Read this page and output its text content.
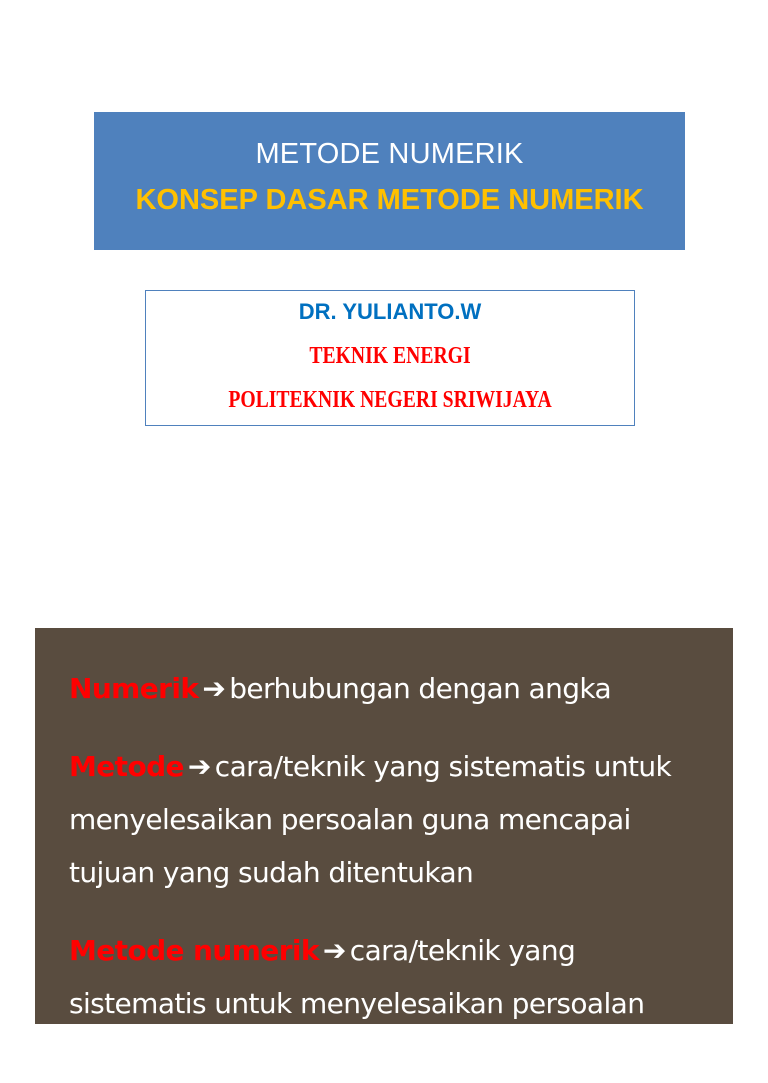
METODE NUMERIK
KONSEP DASAR METODE NUMERIK
DR. YULIANTO.W
TEKNIK ENERGI
POLITEKNIK NEGERI SRIWIJAYA
Numerik ➔ berhubungan dengan angka
Metode ➔ cara/teknik yang sistematis untuk menyelesaikan persoalan guna mencapai tujuan yang sudah ditentukan
Metode numerik ➔ cara/teknik yang sistematis untuk menyelesaikan persoalan matematika
